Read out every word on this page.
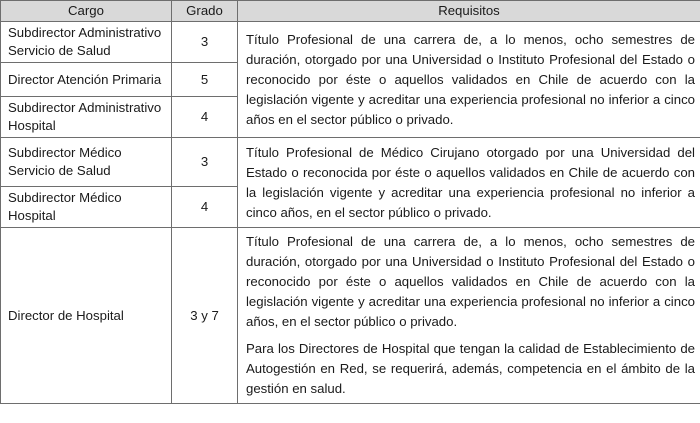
Cargo	Grado	Requisitos
Subdirector Administrativo Servicio de Salud	3	Título Profesional de una carrera de, a lo menos, ocho semestres de duración, otorgado por una Universidad o Instituto Profesional del Estado o reconocido por éste o aquellos validados en Chile de acuerdo con la legislación vigente y acreditar una experiencia profesional no inferior a cinco años en el sector público o privado.

Director Atención Primaria	5	
Subdirector Administrativo Hospital	4	
Subdirector Médico Servicio de Salud	3	Título Profesional de Médico Cirujano otorgado por una Universidad del Estado o reconocida por éste o aquellos validados en Chile de acuerdo con la legislación vigente y acreditar una experiencia profesional no inferior a cinco años, en el sector público o privado.

Subdirector Médico Hospital	4	
Director de Hospital	3 y 7	Título Profesional de una carrera de, a lo menos, ocho semestres de duración, otorgado por una Universidad o Instituto Profesional del Estado o reconocido por éste o aquellos validados en Chile de acuerdo con la legislación vigente y acreditar una experiencia profesional no inferior a cinco años, en el sector público o privado.

Para los Directores de Hospital que tengan la calidad de Establecimiento de Autogestión en Red, se requerirá, además, competencia en el ámbito de la gestión en salud.
